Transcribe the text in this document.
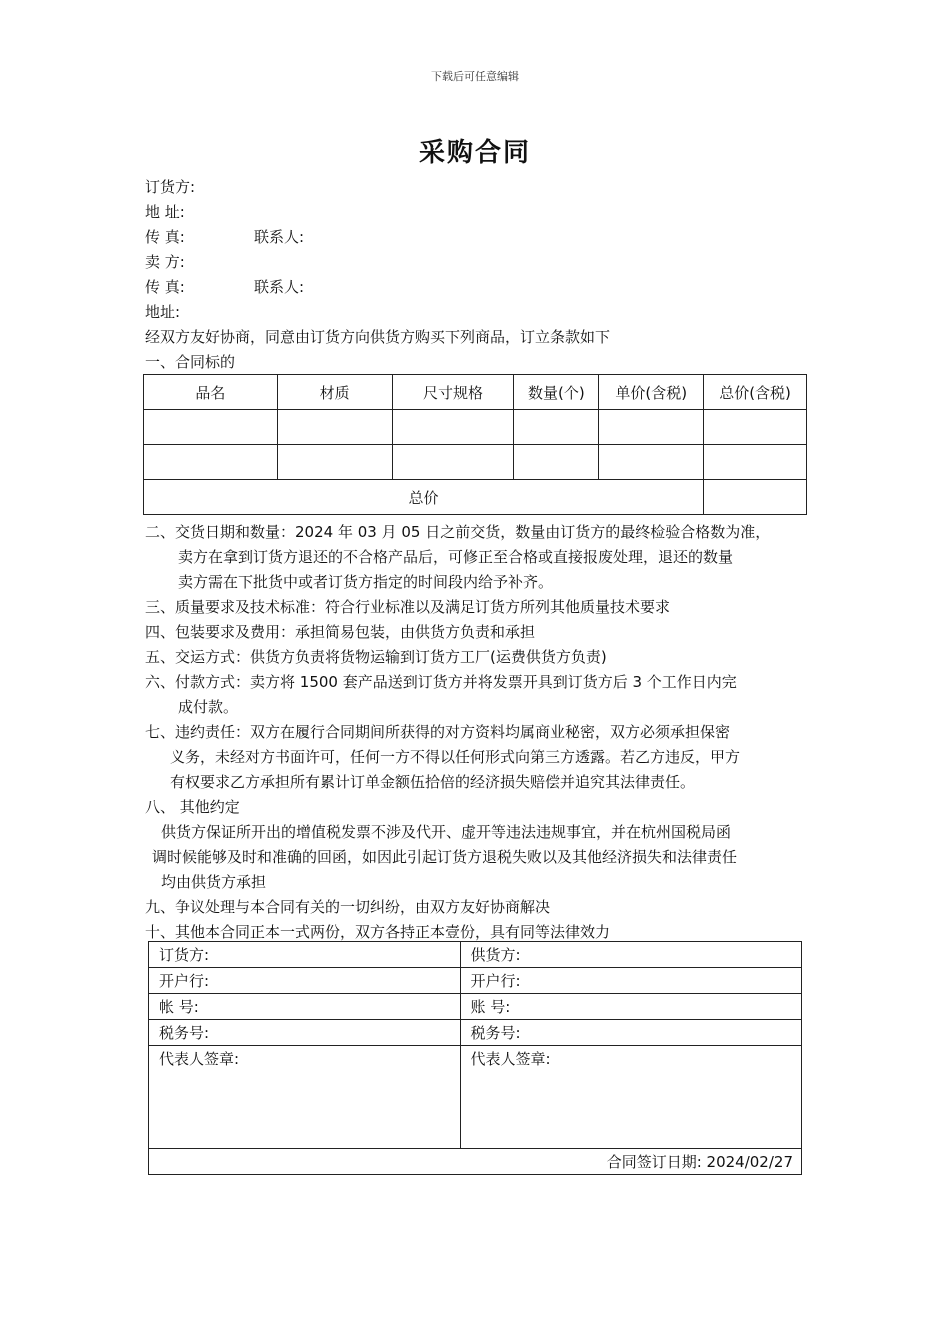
下载后可任意编辑
采购合同
订货方:
地 址:
传 真:	联系人:
卖 方:
传 真:	联系人:
地址:
经双方友好协商，同意由订货方向供货方购买下列商品，订立条款如下
一、合同标的
品名	材质	尺寸规格	数量(个)	单价(含税)	总价(含税)

总价					
二、交货日期和数量：2024 年 03 月 05 日之前交货，数量由订货方的最终检验合格数为准，
卖方在拿到订货方退还的不合格产品后，可修正至合格或直接报废处理，退还的数量
卖方需在下批货中或者订货方指定的时间段内给予补齐。
三、质量要求及技术标准：符合行业标准以及满足订货方所列其他质量技术要求
四、包装要求及费用：承担简易包装，由供货方负责和承担
五、交运方式：供货方负责将货物运输到订货方工厂(运费供货方负责)
六、付款方式：卖方将 1500 套产品送到订货方并将发票开具到订货方后 3 个工作日内完
成付款。
七、违约责任：双方在履行合同期间所获得的对方资料均属商业秘密，双方必须承担保密
义务，未经对方书面许可，任何一方不得以任何形式向第三方透露。若乙方违反，甲方
有权要求乙方承担所有累计订单金额伍拾倍的经济损失赔偿并追究其法律责任。
八、 其他约定
供货方保证所开出的增值税发票不涉及代开、虚开等违法违规事宜，并在杭州国税局函
调时候能够及时和准确的回函，如因此引起订货方退税失败以及其他经济损失和法律责任
均由供货方承担
九、争议处理与本合同有关的一切纠纷，由双方友好协商解决
十、其他本合同正本一式两份，双方各持正本壹份，具有同等法律效力
订货方:	供货方:
开户行:	开户行:
帐 号:	账 号:
税务号:	税务号:
代表人签章:	代表人签章:
合同签订日期: 2024/02/27	
